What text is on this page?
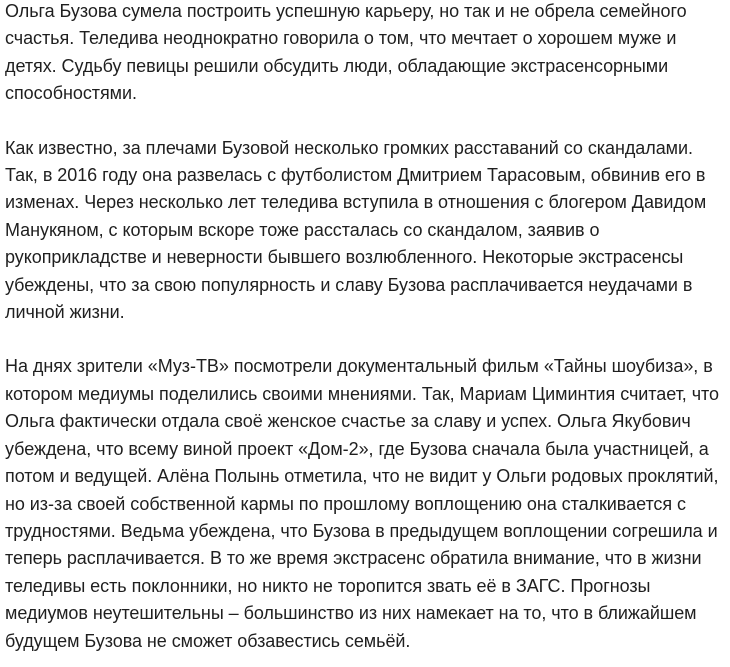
Ольга Бузова сумела построить успешную карьеру, но так и не обрела семейного счастья. Теледива неоднократно говорила о том, что мечтает о хорошем муже и детях. Судьбу певицы решили обсудить люди, обладающие экстрасенсорными способностями.

Как известно, за плечами Бузовой несколько громких расставаний со скандалами. Так, в 2016 году она развелась с футболистом Дмитрием Тарасовым, обвинив его в изменах. Через несколько лет теледива вступила в отношения с блогером Давидом Манукяном, с которым вскоре тоже рассталась со скандалом, заявив о рукоприкладстве и неверности бывшего возлюбленного. Некоторые экстрасенсы убеждены, что за свою популярность и славу Бузова расплачивается неудачами в личной жизни.

На днях зрители «Муз-ТВ» посмотрели документальный фильм «Тайны шоубиза», в котором медиумы поделились своими мнениями. Так, Мариам Циминтия считает, что Ольга фактически отдала своё женское счастье за славу и успех. Ольга Якубович убеждена, что всему виной проект «Дом-2», где Бузова сначала была участницей, а потом и ведущей. Алёна Полынь отметила, что не видит у Ольги родовых проклятий, но из-за своей собственной кармы по прошлому воплощению она сталкивается с трудностями. Ведьма убеждена, что Бузова в предыдущем воплощении согрешила и теперь расплачивается. В то же время экстрасенс обратила внимание, что в жизни теледивы есть поклонники, но никто не торопится звать её в ЗАГС. Прогнозы медиумов неутешительны – большинство из них намекает на то, что в ближайшем будущем Бузова не сможет обзавестись семьёй.
